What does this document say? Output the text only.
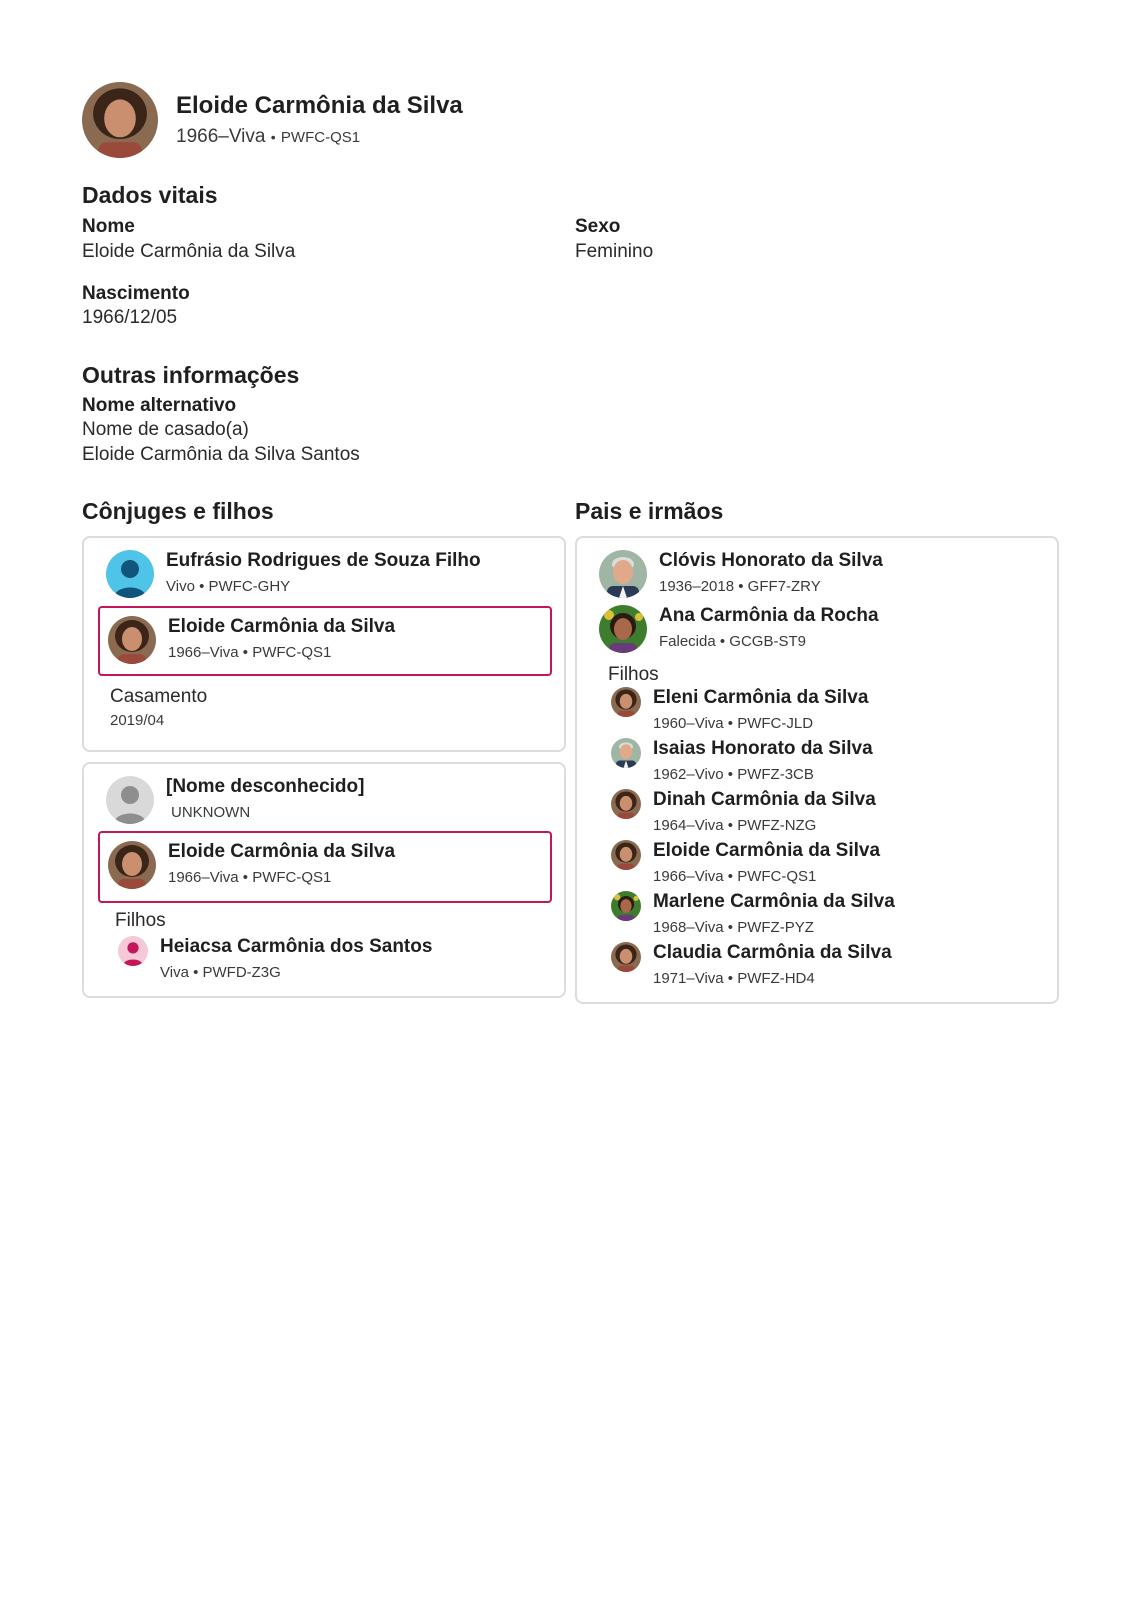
Eloide Carmônia da Silva
1966–Viva • PWFC-QS1
Dados vitais
Nome
Eloide Carmônia da Silva
Sexo
Feminino
Nascimento
1966/12/05
Outras informações
Nome alternativo
Nome de casado(a)
Eloide Carmônia da Silva Santos
Cônjuges e filhos
Eufrásio Rodrigues de Souza Filho
Vivo • PWFC-GHY
Eloide Carmônia da Silva
1966–Viva • PWFC-QS1
Casamento
2019/04
[Nome desconhecido]
UNKNOWN
Eloide Carmônia da Silva
1966–Viva • PWFC-QS1
Filhos
Heiacsa Carmônia dos Santos
Viva • PWFD-Z3G
Pais e irmãos
Clóvis Honorato da Silva
1936–2018 • GFF7-ZRY
Ana Carmônia da Rocha
Falecida • GCGB-ST9
Filhos
Eleni Carmônia da Silva
1960–Viva • PWFC-JLD
Isaias Honorato da Silva
1962–Vivo • PWFZ-3CB
Dinah Carmônia da Silva
1964–Viva • PWFZ-NZG
Eloide Carmônia da Silva
1966–Viva • PWFC-QS1
Marlene Carmônia da Silva
1968–Viva • PWFZ-PYZ
Claudia Carmônia da Silva
1971–Viva • PWFZ-HD4
